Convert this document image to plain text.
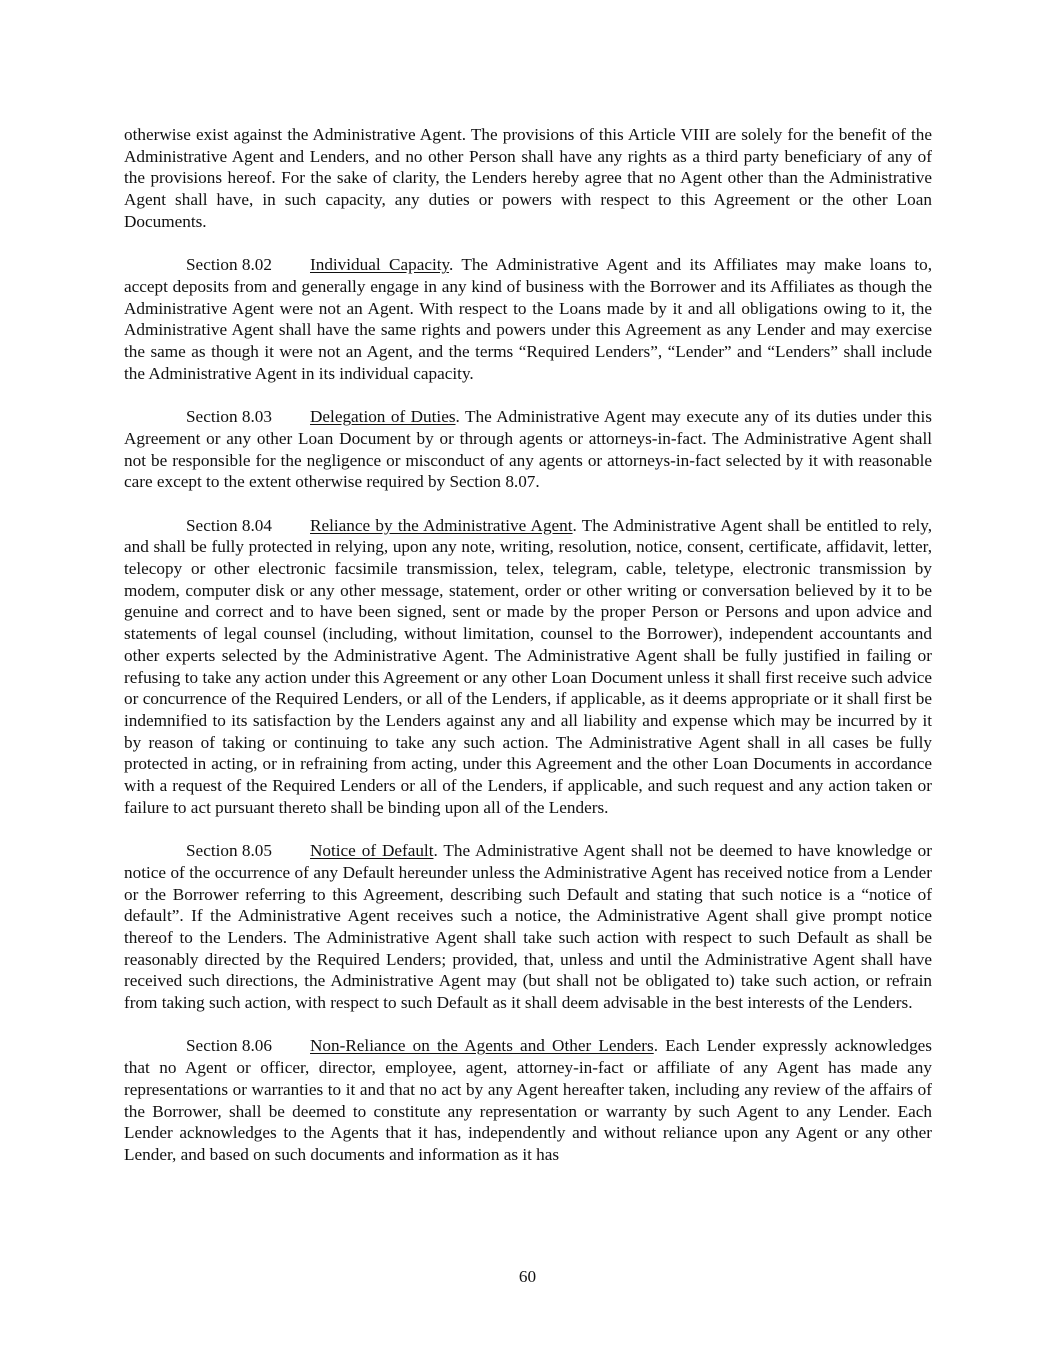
otherwise exist against the Administrative Agent. The provisions of this Article VIII are solely for the benefit of the Administrative Agent and Lenders, and no other Person shall have any rights as a third party beneficiary of any of the provisions hereof. For the sake of clarity, the Lenders hereby agree that no Agent other than the Administrative Agent shall have, in such capacity, any duties or powers with respect to this Agreement or the other Loan Documents.

Section 8.02 Individual Capacity. The Administrative Agent and its Affiliates may make loans to, accept deposits from and generally engage in any kind of business with the Borrower and its Affiliates as though the Administrative Agent were not an Agent. With respect to the Loans made by it and all obligations owing to it, the Administrative Agent shall have the same rights and powers under this Agreement as any Lender and may exercise the same as though it were not an Agent, and the terms “Required Lenders”, “Lender” and “Lenders” shall include the Administrative Agent in its individual capacity.

Section 8.03 Delegation of Duties. The Administrative Agent may execute any of its duties under this Agreement or any other Loan Document by or through agents or attorneys-in-fact. The Administrative Agent shall not be responsible for the negligence or misconduct of any agents or attorneys-in-fact selected by it with reasonable care except to the extent otherwise required by Section 8.07.

Section 8.04 Reliance by the Administrative Agent. The Administrative Agent shall be entitled to rely, and shall be fully protected in relying, upon any note, writing, resolution, notice, consent, certificate, affidavit, letter, telecopy or other electronic facsimile transmission, telex, telegram, cable, teletype, electronic transmission by modem, computer disk or any other message, statement, order or other writing or conversation believed by it to be genuine and correct and to have been signed, sent or made by the proper Person or Persons and upon advice and statements of legal counsel (including, without limitation, counsel to the Borrower), independent accountants and other experts selected by the Administrative Agent. The Administrative Agent shall be fully justified in failing or refusing to take any action under this Agreement or any other Loan Document unless it shall first receive such advice or concurrence of the Required Lenders, or all of the Lenders, if applicable, as it deems appropriate or it shall first be indemnified to its satisfaction by the Lenders against any and all liability and expense which may be incurred by it by reason of taking or continuing to take any such action. The Administrative Agent shall in all cases be fully protected in acting, or in refraining from acting, under this Agreement and the other Loan Documents in accordance with a request of the Required Lenders or all of the Lenders, if applicable, and such request and any action taken or failure to act pursuant thereto shall be binding upon all of the Lenders.

Section 8.05 Notice of Default. The Administrative Agent shall not be deemed to have knowledge or notice of the occurrence of any Default hereunder unless the Administrative Agent has received notice from a Lender or the Borrower referring to this Agreement, describing such Default and stating that such notice is a “notice of default”. If the Administrative Agent receives such a notice, the Administrative Agent shall give prompt notice thereof to the Lenders. The Administrative Agent shall take such action with respect to such Default as shall be reasonably directed by the Required Lenders; provided, that, unless and until the Administrative Agent shall have received such directions, the Administrative Agent may (but shall not be obligated to) take such action, or refrain from taking such action, with respect to such Default as it shall deem advisable in the best interests of the Lenders.

Section 8.06 Non-Reliance on the Agents and Other Lenders. Each Lender expressly acknowledges that no Agent or officer, director, employee, agent, attorney-in-fact or affiliate of any Agent has made any representations or warranties to it and that no act by any Agent hereafter taken, including any review of the affairs of the Borrower, shall be deemed to constitute any representation or warranty by such Agent to any Lender. Each Lender acknowledges to the Agents that it has, independently and without reliance upon any Agent or any other Lender, and based on such documents and information as it has

60
